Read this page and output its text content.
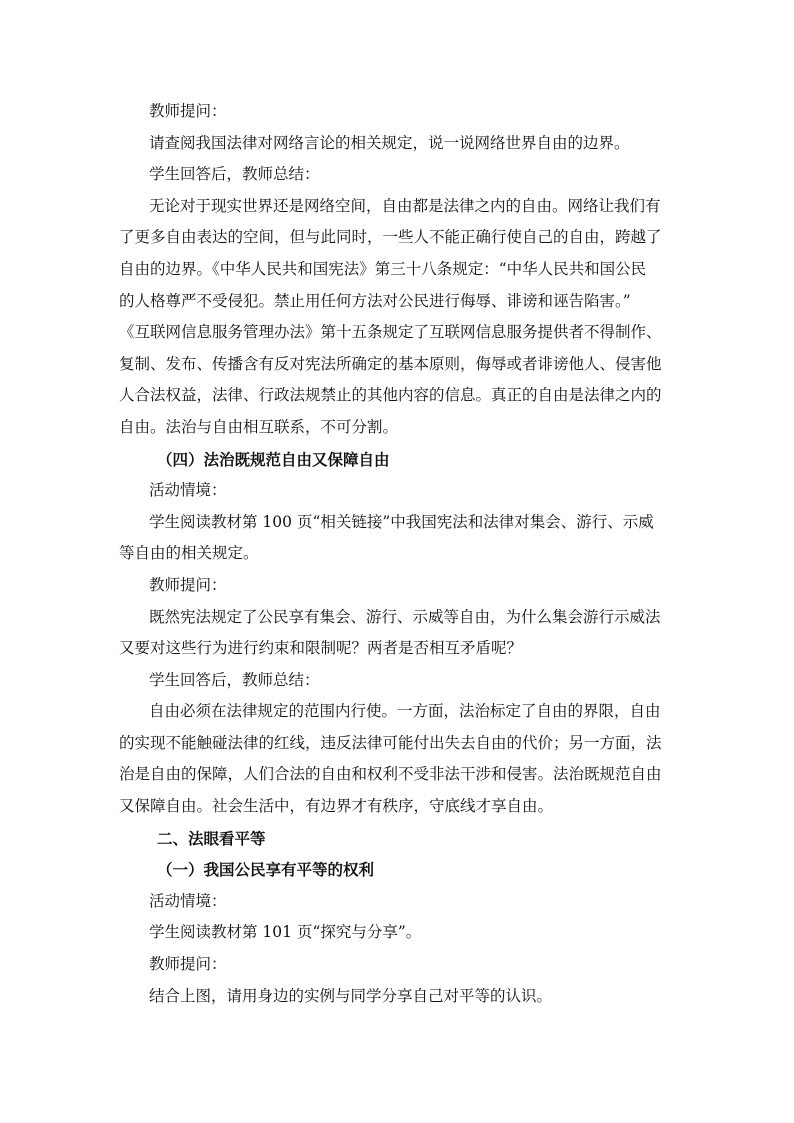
教师提问：
请查阅我国法律对网络言论的相关规定，说一说网络世界自由的边界。
学生回答后，教师总结：
无论对于现实世界还是网络空间，自由都是法律之内的自由。网络让我们有
了更多自由表达的空间，但与此同时，一些人不能正确行使自己的自由，跨越了
自由的边界。《中华人民共和国宪法》第三十八条规定：“中华人民共和国公民
的人格尊严不受侵犯。禁止用任何方法对公民进行侮辱、诽谤和诬告陷害。”
《互联网信息服务管理办法》第十五条规定了互联网信息服务提供者不得制作、
复制、发布、传播含有反对宪法所确定的基本原则，侮辱或者诽谤他人、侵害他
人合法权益，法律、行政法规禁止的其他内容的信息。真正的自由是法律之内的
自由。法治与自由相互联系，不可分割。
（四）法治既规范自由又保障自由
活动情境：
学生阅读教材第 100 页“相关链接”中我国宪法和法律对集会、游行、示威
等自由的相关规定。
教师提问：
既然宪法规定了公民享有集会、游行、示威等自由，为什么集会游行示威法
又要对这些行为进行约束和限制呢？两者是否相互矛盾呢？
学生回答后，教师总结：
自由必须在法律规定的范围内行使。一方面，法治标定了自由的界限，自由
的实现不能触碰法律的红线，违反法律可能付出失去自由的代价；另一方面，法
治是自由的保障，人们合法的自由和权利不受非法干涉和侵害。法治既规范自由
又保障自由。社会生活中，有边界才有秩序，守底线才享自由。
二、法眼看平等
（一）我国公民享有平等的权利
活动情境：
学生阅读教材第 101 页“探究与分享”。
教师提问：
结合上图，请用身边的实例与同学分享自己对平等的认识。
